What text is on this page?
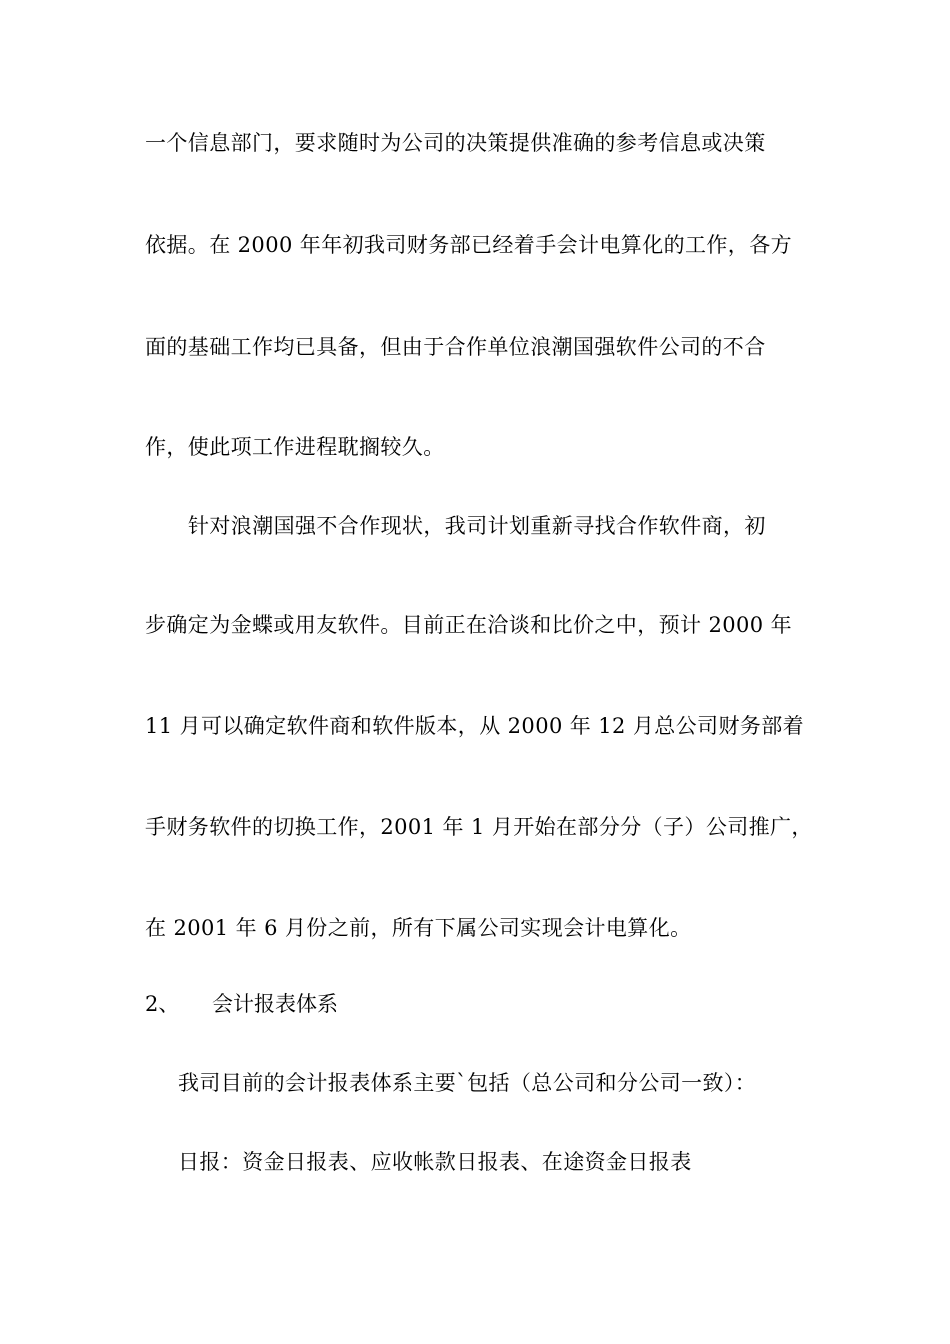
一个信息部门，要求随时为公司的决策提供准确的参考信息或决策
依据。在 2000 年年初我司财务部已经着手会计电算化的工作，各方
面的基础工作均已具备，但由于合作单位浪潮国强软件公司的不合
作，使此项工作进程耽搁较久。
针对浪潮国强不合作现状，我司计划重新寻找合作软件商，初
步确定为金蝶或用友软件。目前正在洽谈和比价之中，预计 2000 年
11 月可以确定软件商和软件版本，从 2000 年 12 月总公司财务部着
手财务软件的切换工作，2001 年 1 月开始在部分分（子）公司推广，
在 2001 年 6 月份之前，所有下属公司实现会计电算化。
2、 会计报表体系
我司目前的会计报表体系主要`包括（总公司和分公司一致）：
日报：资金日报表、应收帐款日报表、在途资金日报表
